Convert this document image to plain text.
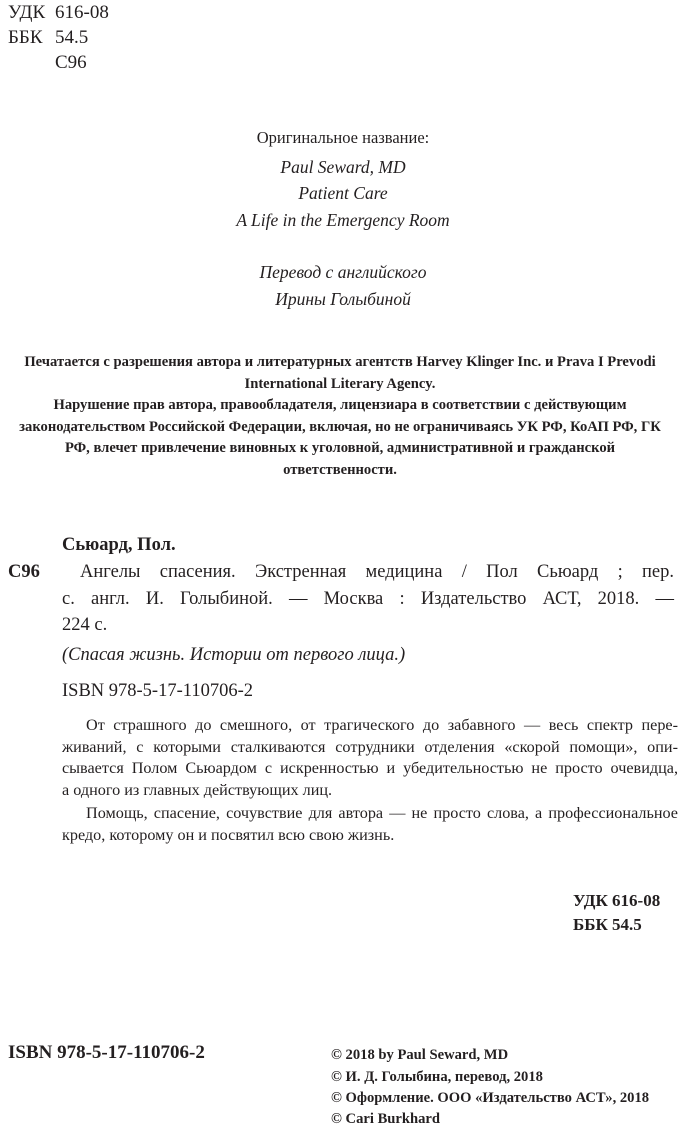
УДК 616-08
ББК 54.5
С96
Оригинальное название:
Paul Seward, MD
Patient Care
A Life in the Emergency Room
Перевод с английского
Ирины Голыбиной
Печатается с разрешения автора и литературных агентств Harvey Klinger Inc. и Prava I Prevodi International Literary Agency.
Нарушение прав автора, правообладателя, лицензиара в соответствии с действующим законодательством Российской Федерации, включая, но не ограничиваясь УК РФ, КоАП РФ, ГК РФ, влечет привлечение виновных к уголовной, административной и гражданской ответственности.
Сьюард, Пол.
С96 Ангелы спасения. Экстренная медицина / Пол Сьюард ; пер.
с. англ. И. Голыбиной. — Москва : Издательство АСТ, 2018. —
224 с.
(Спасая жизнь. Истории от первого лица.)
ISBN 978-5-17-110706-2
От страшного до смешного, от трагического до забавного — весь спектр пере-
живаний, с которыми сталкиваются сотрудники отделения «скорой помощи», опи-
сывается Полом Сьюардом с искренностью и убедительностью не просто очевидца,
а одного из главных действующих лиц.
Помощь, спасение, сочувствие для автора — не просто слова, а профессиональное
кредо, которому он и посвятил всю свою жизнь.
УДК 616-08
ББК 54.5
ISBN 978-5-17-110706-2	© 2018 by Paul Seward, MD
© И. Д. Голыбина, перевод, 2018
© Оформление. ООО «Издательство АСТ», 2018
© Cari Burkhard
